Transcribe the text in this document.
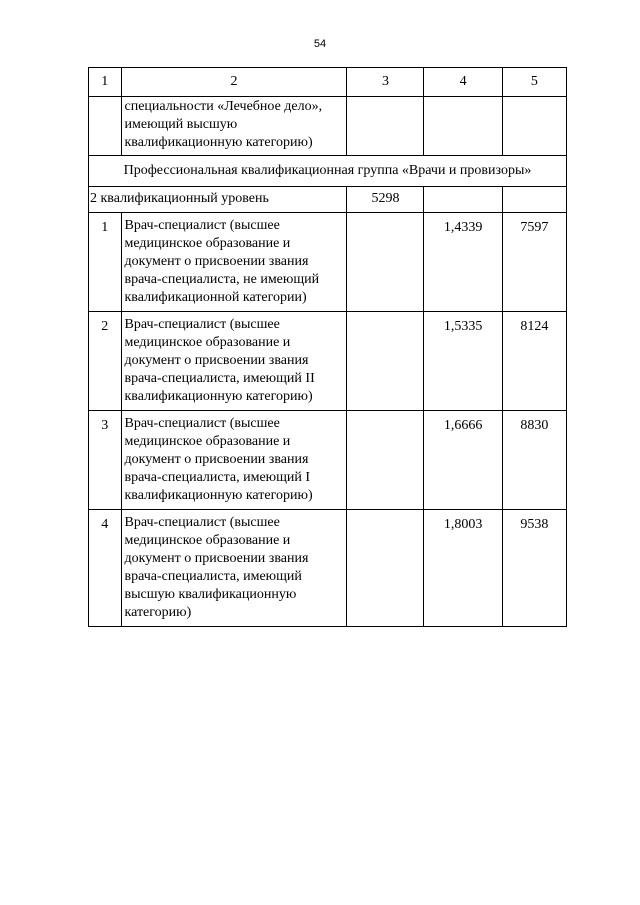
54
1	2	3	4	5
	специальности «Лечебное дело», имеющий высшую квалификационную категорию)			
Профессиональная квалификационная группа «Врачи и провизоры»				
2 квалификационный уровень		5298		
1	Врач-специалист (высшее медицинское образование и документ о присвоении звания врача-специалиста, не имеющий квалификационной категории)		1,4339	7597
2	Врач-специалист (высшее медицинское образование и документ о присвоении звания врача-специалиста, имеющий II квалификационную категорию)		1,5335	8124
3	Врач-специалист (высшее медицинское образование и документ о присвоении звания врача-специалиста, имеющий I квалификационную категорию)		1,6666	8830
4	Врач-специалист (высшее медицинское образование и документ о присвоении звания врача-специалиста, имеющий высшую квалификационную категорию)		1,8003	9538
